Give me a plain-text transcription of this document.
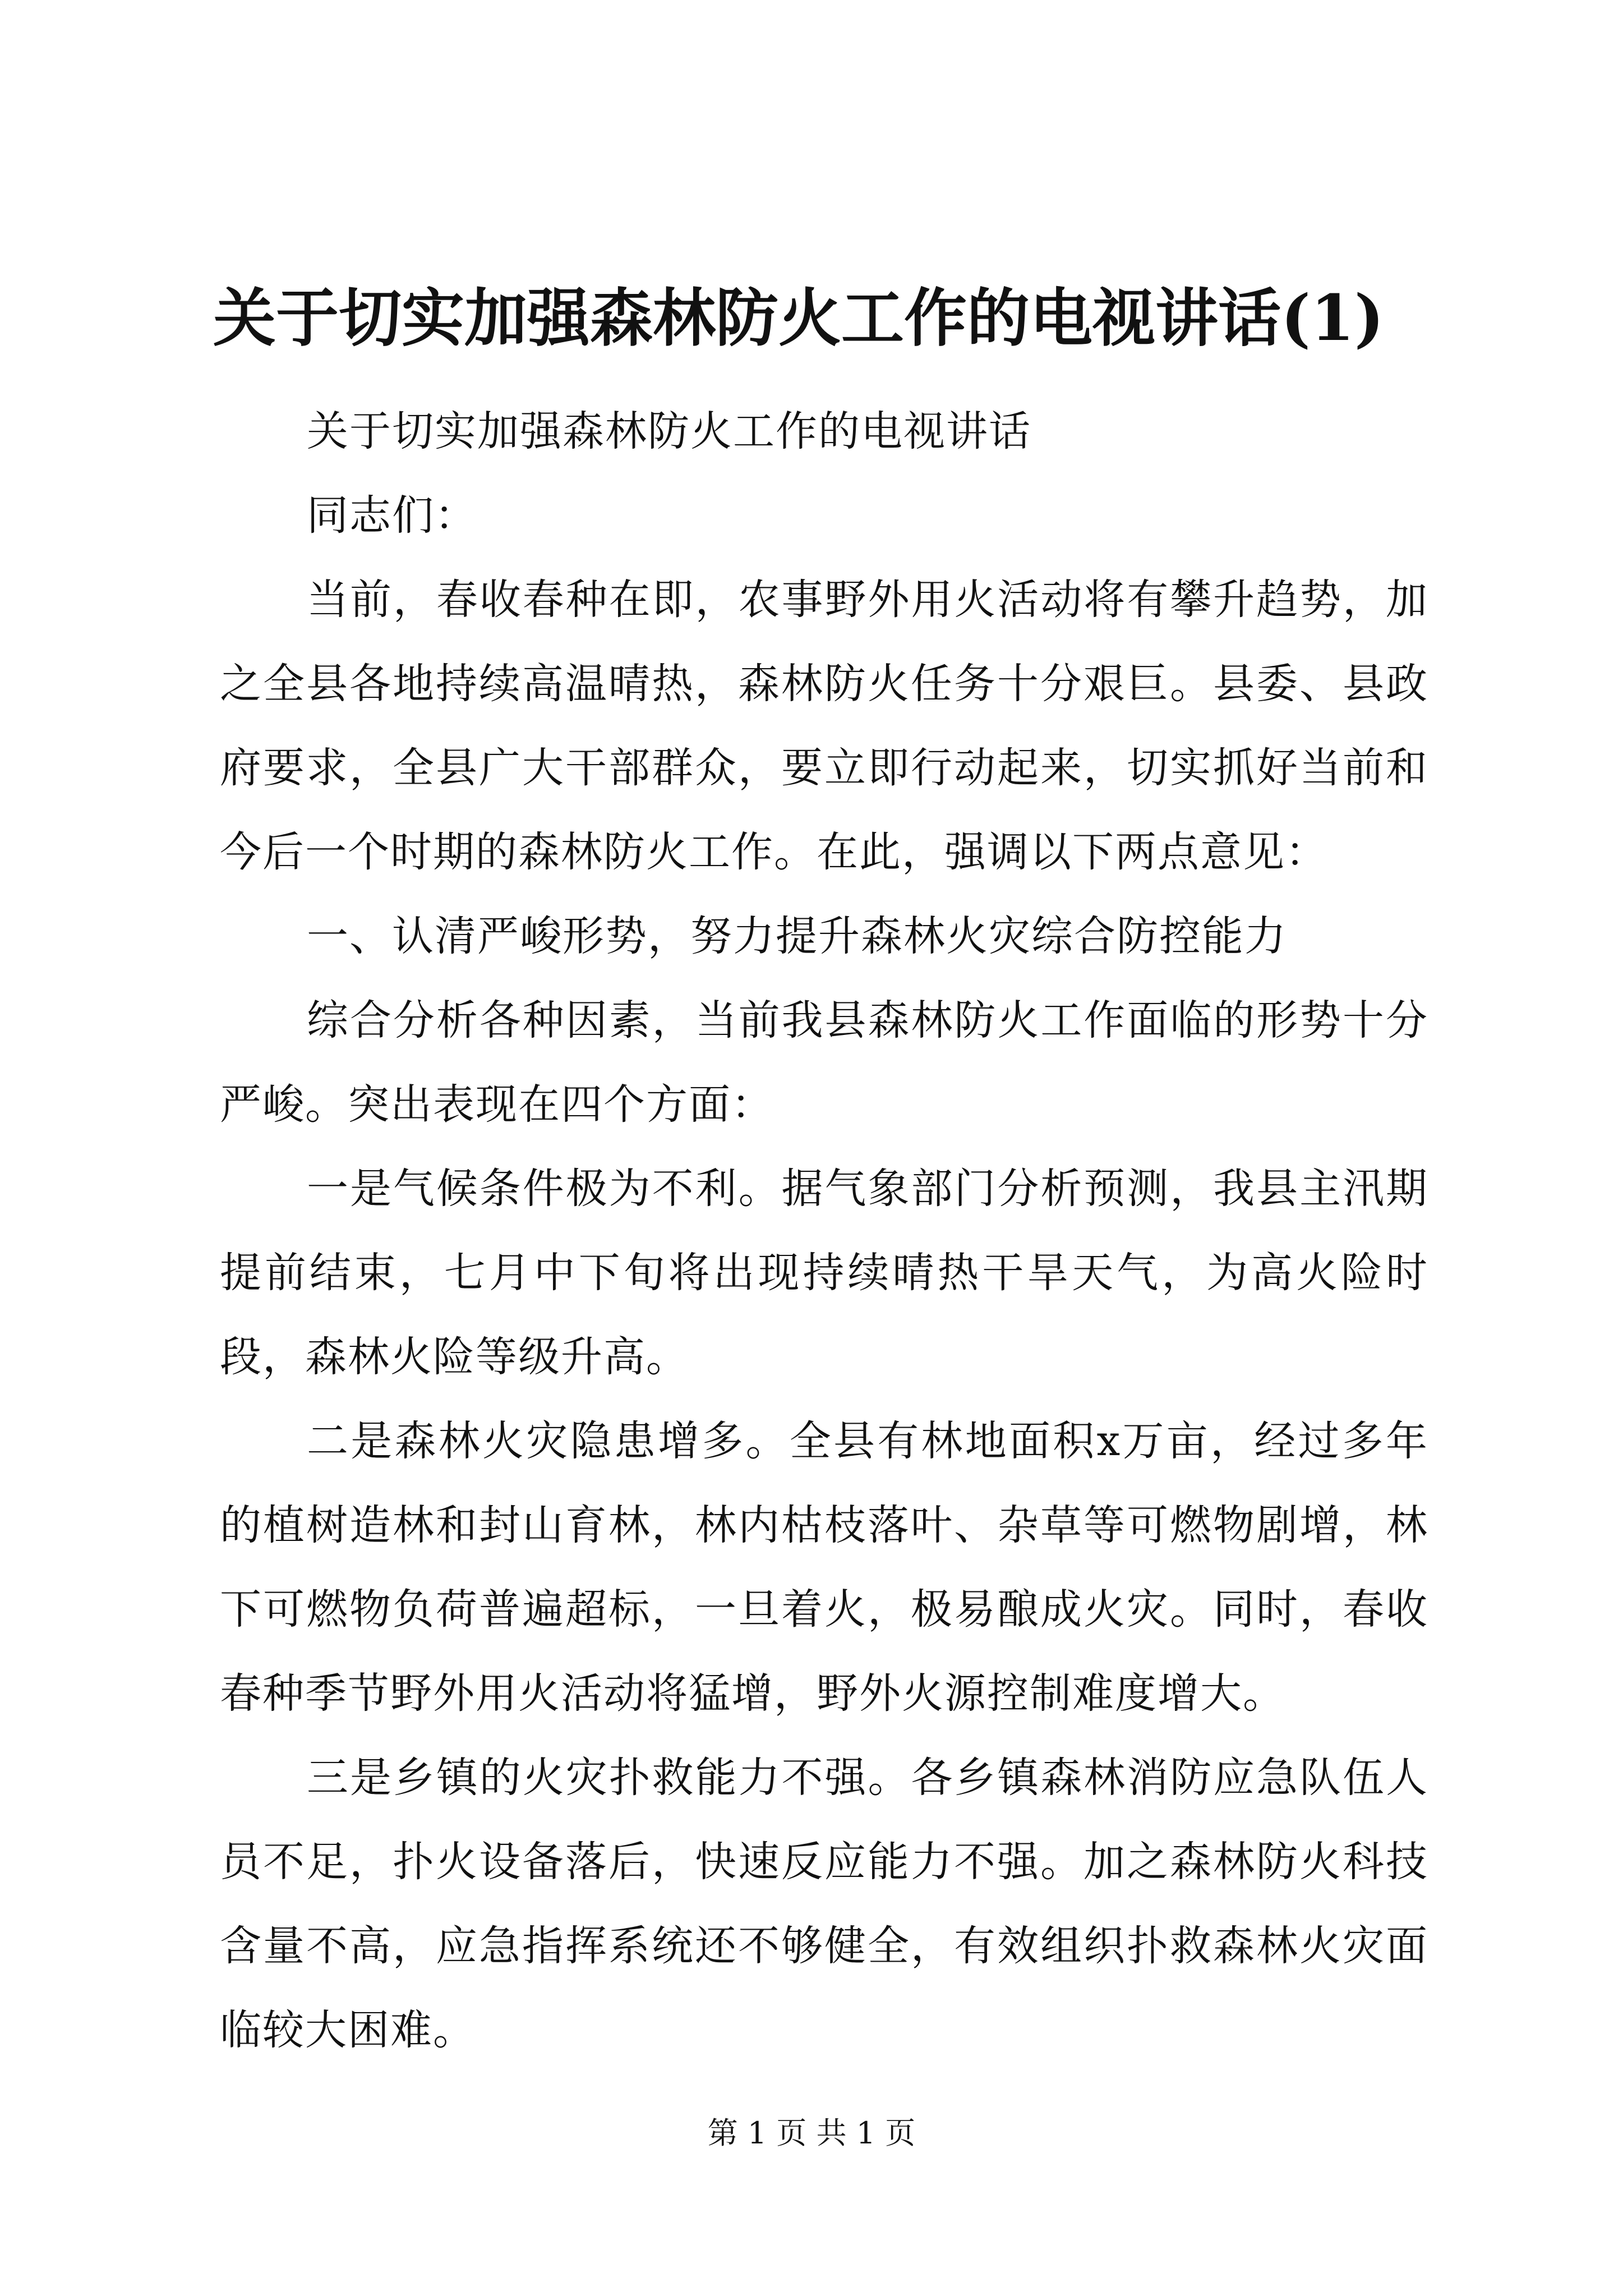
关于切实加强森林防火工作的电视讲话(1)

关于切实加强森林防火工作的电视讲话

同志们：

当前，春收春种在即，农事野外用火活动将有攀升趋势，加之全县各地持续高温晴热，森林防火任务十分艰巨。县委、县政府要求，全县广大干部群众，要立即行动起来，切实抓好当前和今后一个时期的森林防火工作。在此，强调以下两点意见：

一、认清严峻形势，努力提升森林火灾综合防控能力

综合分析各种因素，当前我县森林防火工作面临的形势十分严峻。突出表现在四个方面：

一是气候条件极为不利。据气象部门分析预测，我县主汛期提前结束，七月中下旬将出现持续晴热干旱天气，为高火险时段，森林火险等级升高。

二是森林火灾隐患增多。全县有林地面积x万亩，经过多年的植树造林和封山育林，林内枯枝落叶、杂草等可燃物剧增，林下可燃物负荷普遍超标，一旦着火，极易酿成火灾。同时，春收春种季节野外用火活动将猛增，野外火源控制难度增大。

三是乡镇的火灾扑救能力不强。各乡镇森林消防应急队伍人员不足，扑火设备落后，快速反应能力不强。加之森林防火科技含量不高，应急指挥系统还不够健全，有效组织扑救森林火灾面临较大困难。

第 1 页 共 1 页
